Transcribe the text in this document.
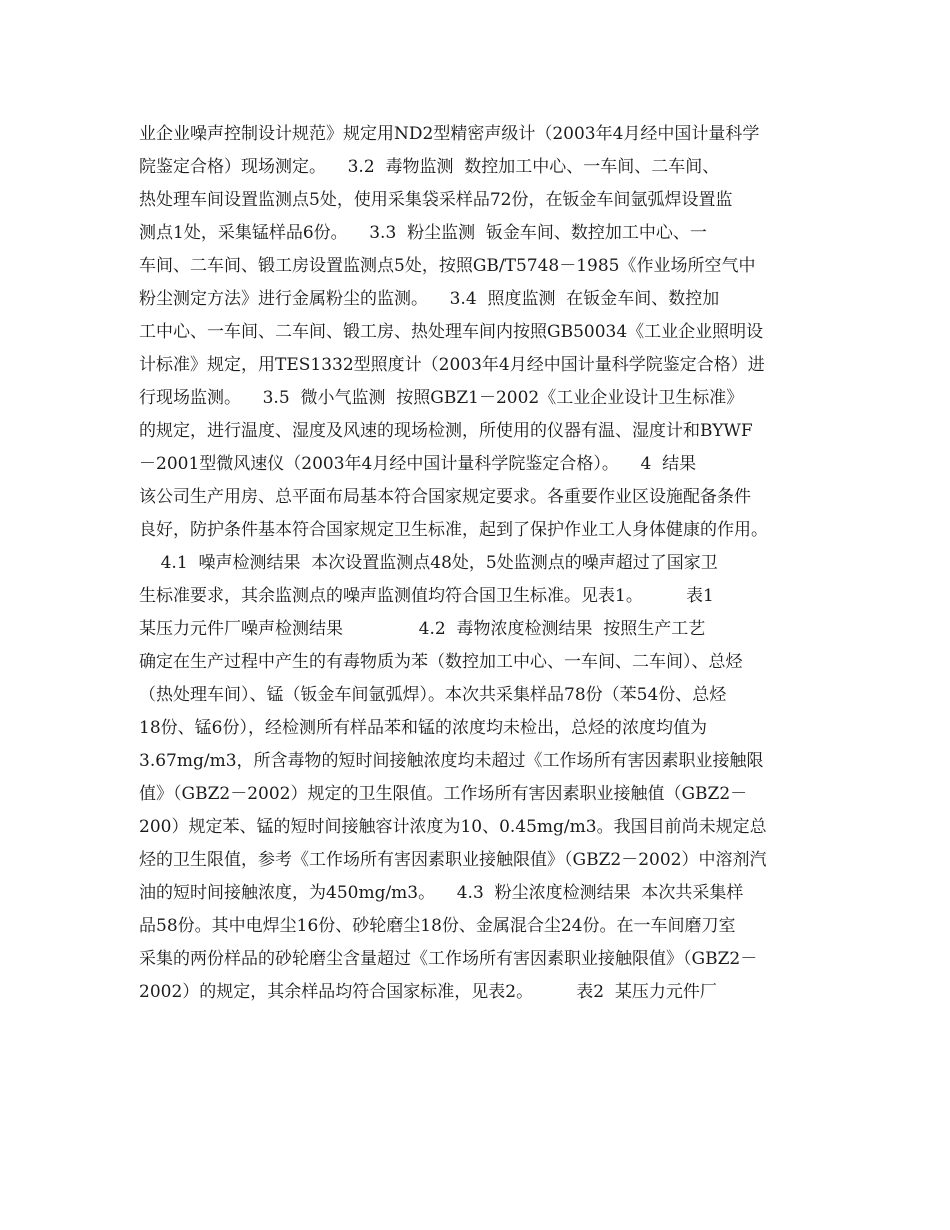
业企业噪声控制设计规范》规定用ND2型精密声级计（2003年4月经中国计量科学
院鉴定合格）现场测定。    3.2  毒物监测  数控加工中心、一车间、二车间、
热处理车间设置监测点5处，使用采集袋采样品72份，在钣金车间氩弧焊设置监
测点1处，采集锰样品6份。    3.3  粉尘监测  钣金车间、数控加工中心、一
车间、二车间、锻工房设置监测点5处，按照GB/T5748－1985《作业场所空气中
粉尘测定方法》进行金属粉尘的监测。    3.4  照度监测  在钣金车间、数控加
工中心、一车间、二车间、锻工房、热处理车间内按照GB50034《工业企业照明设
计标准》规定，用TES1332型照度计（2003年4月经中国计量科学院鉴定合格）进
行现场监测。    3.5  微小气监测  按照GBZ1－2002《工业企业设计卫生标准》
的规定，进行温度、湿度及风速的现场检测，所使用的仪器有温、湿度计和BYWF
－2001型微风速仪（2003年4月经中国计量科学院鉴定合格）。    4  结果
该公司生产用房、总平面布局基本符合国家规定要求。各重要作业区设施配备条件
良好，防护条件基本符合国家规定卫生标准，起到了保护作业工人身体健康的作用。
4.1  噪声检测结果  本次设置监测点48处，5处监测点的噪声超过了国家卫
生标准要求，其余监测点的噪声监测值均符合国卫生标准。见表1。        表1
某压力元件厂噪声检测结果              4.2  毒物浓度检测结果  按照生产工艺
确定在生产过程中产生的有毒物质为苯（数控加工中心、一车间、二车间）、总烃
（热处理车间）、锰（钣金车间氩弧焊）。本次共采集样品78份（苯54份、总烃
18份、锰6份），经检测所有样品苯和锰的浓度均未检出，总烃的浓度均值为
3.67mg/m3，所含毒物的短时间接触浓度均未超过《工作场所有害因素职业接触限
值》（GBZ2－2002）规定的卫生限值。工作场所有害因素职业接触值（GBZ2－
200）规定苯、锰的短时间接触容计浓度为10、0.45mg/m3。我国目前尚未规定总
烃的卫生限值，参考《工作场所有害因素职业接触限值》（GBZ2－2002）中溶剂汽
油的短时间接触浓度，为450mg/m3。    4.3  粉尘浓度检测结果  本次共采集样
品58份。其中电焊尘16份、砂轮磨尘18份、金属混合尘24份。在一车间磨刀室
采集的两份样品的砂轮磨尘含量超过《工作场所有害因素职业接触限值》（GBZ2－
2002）的规定，其余样品均符合国家标准，见表2。        表2  某压力元件厂
